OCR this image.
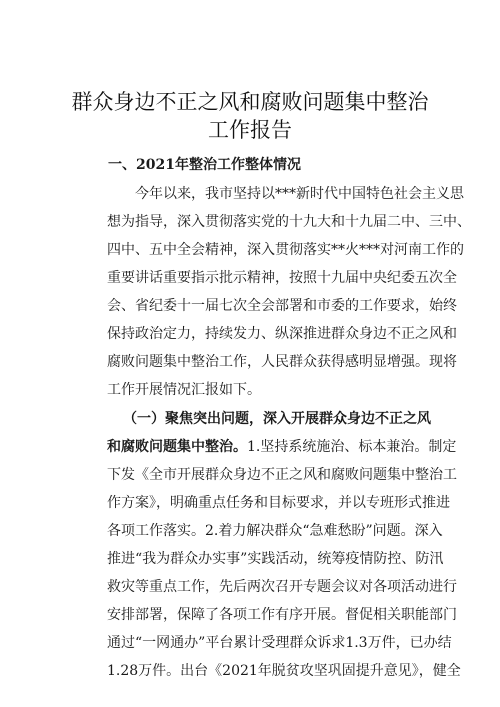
群众身边不正之风和腐败问题集中整治
工作报告
一、2021年整治工作整体情况
今年以来，我市坚持以***新时代中国特色社会主义思
想为指导，深入贯彻落实党的十九大和十九届二中、三中、
四中、五中全会精神，深入贯彻落实**火***对河南工作的
重要讲话重要指示批示精神，按照十九届中央纪委五次全
会、省纪委十一届七次全会部署和市委的工作要求，始终
保持政治定力，持续发力、纵深推进群众身边不正之风和
腐败问题集中整治工作，人民群众获得感明显增强。现将
工作开展情况汇报如下。
（一）聚焦突出问题，深入开展群众身边不正之风
和腐败问题集中整治。1.坚持系统施治、标本兼治。制定
下发《全市开展群众身边不正之风和腐败问题集中整治工
作方案》，明确重点任务和目标要求，并以专班形式推进
各项工作落实。2.着力解决群众“急难愁盼”问题。深入
推进“我为群众办实事”实践活动，统筹疫情防控、防汛
救灾等重点工作，先后两次召开专题会议对各项活动进行
安排部署，保障了各项工作有序开展。督促相关职能部门
通过“一网通办”平台累计受理群众诉求1.3万件，已办结
1.28万件。出台《2021年脱贫攻坚巩固提升意见》，健全
